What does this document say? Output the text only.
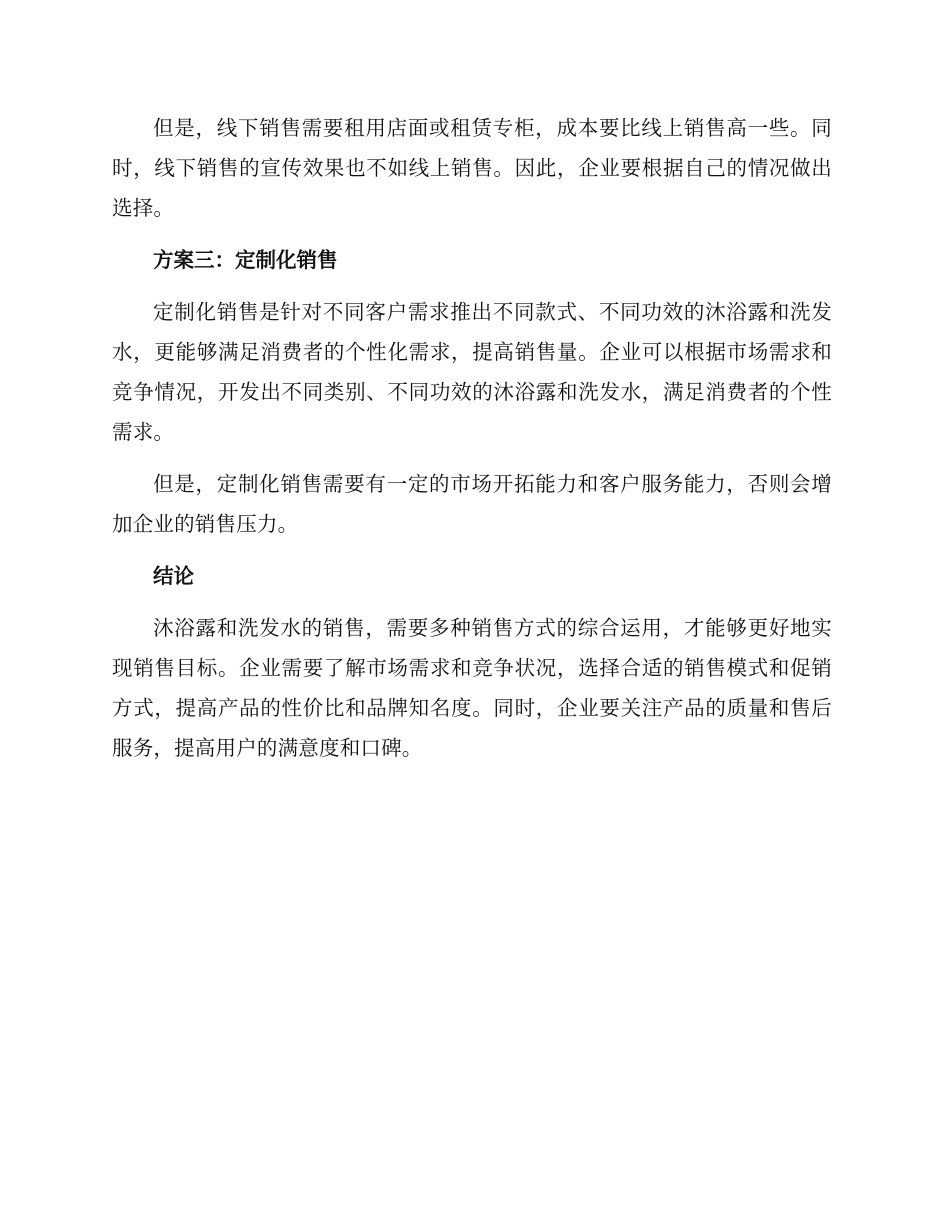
但是，线下销售需要租用店面或租赁专柜，成本要比线上销售高一些。同时，线下销售的宣传效果也不如线上销售。因此，企业要根据自己的情况做出选择。

方案三：定制化销售

定制化销售是针对不同客户需求推出不同款式、不同功效的沐浴露和洗发水，更能够满足消费者的个性化需求，提高销售量。企业可以根据市场需求和竞争情况，开发出不同类别、不同功效的沐浴露和洗发水，满足消费者的个性需求。

但是，定制化销售需要有一定的市场开拓能力和客户服务能力，否则会增加企业的销售压力。

结论

沐浴露和洗发水的销售，需要多种销售方式的综合运用，才能够更好地实现销售目标。企业需要了解市场需求和竞争状况，选择合适的销售模式和促销方式，提高产品的性价比和品牌知名度。同时，企业要关注产品的质量和售后服务，提高用户的满意度和口碑。
